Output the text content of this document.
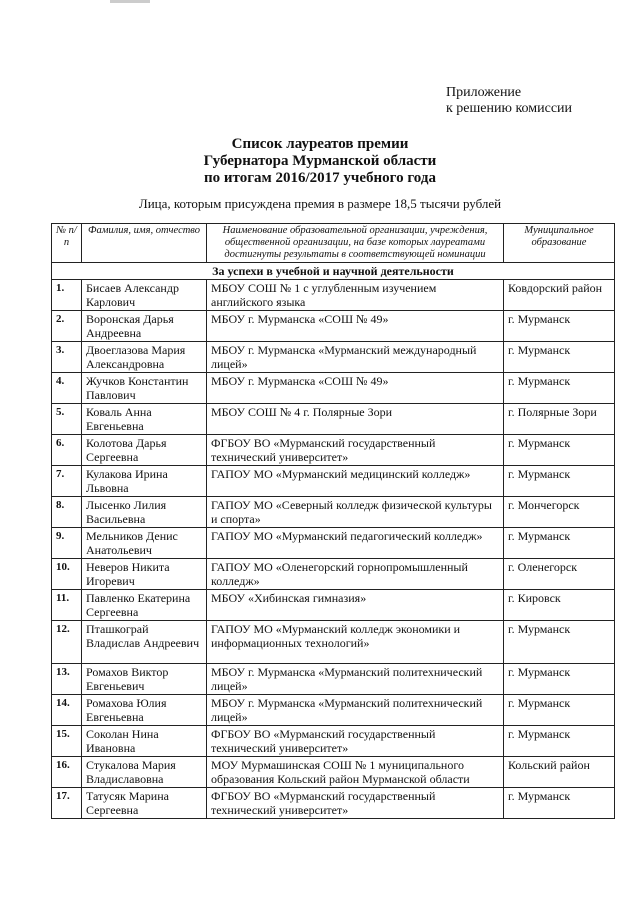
Приложение
к решению комиссии
Список лауреатов премии
Губернатора Мурманской области
по итогам 2016/2017 учебного года
Лица, которым присуждена премия в размере 18,5 тысячи рублей
№ п/п	Фамилия, имя, отчество	Наименование образовательной организации, учреждения, общественной организации, на базе которых лауреатами достигнуты результаты в соответствующей номинации	Муниципальное образование
За успехи в учебной и научной деятельности			
1.	Бисаев Александр Карлович	МБОУ СОШ № 1 с углубленным изучением английского языка	Ковдорский район
2.	Воронская Дарья Андреевна	МБОУ г. Мурманска «СОШ № 49»	г. Мурманск
3.	Двоеглазова Мария Александровна	МБОУ г. Мурманска «Мурманский международный лицей»	г. Мурманск
4.	Жучков Константин Павлович	МБОУ г. Мурманска «СОШ № 49»	г. Мурманск
5.	Коваль Анна Евгеньевна	МБОУ СОШ № 4 г. Полярные Зори	г. Полярные Зори
6.	Колотова Дарья Сергеевна	ФГБОУ ВО «Мурманский государственный технический университет»	г. Мурманск
7.	Кулакова Ирина Львовна	ГАПОУ МО «Мурманский медицинский колледж»	г. Мурманск
8.	Лысенко Лилия Васильевна	ГАПОУ МО «Северный колледж физической культуры и спорта»	г. Мончегорск
9.	Мельников Денис Анатольевич	ГАПОУ МО «Мурманский педагогический колледж»	г. Мурманск
10.	Неверов Никита Игоревич	ГАПОУ МО «Оленегорский горнопромышленный колледж»	г. Оленегорск
11.	Павленко Екатерина Сергеевна	МБОУ «Хибинская гимназия»	г. Кировск
12.	Пташкограй Владислав Андреевич	ГАПОУ МО «Мурманский колледж экономики и информационных технологий»	г. Мурманск
13.	Ромахов Виктор Евгеньевич	МБОУ г. Мурманска «Мурманский политехнический лицей»	г. Мурманск
14.	Ромахова Юлия Евгеньевна	МБОУ г. Мурманска «Мурманский политехнический лицей»	г. Мурманск
15.	Соколан Нина Ивановна	ФГБОУ ВО «Мурманский государственный технический университет»	г. Мурманск
16.	Стукалова Мария Владиславовна	МОУ Мурмашинская СОШ № 1 муниципального образования Кольский район Мурманской области	Кольский район
17.	Татусяк Марина Сергеевна	ФГБОУ ВО «Мурманский государственный технический университет»	г. Мурманск
